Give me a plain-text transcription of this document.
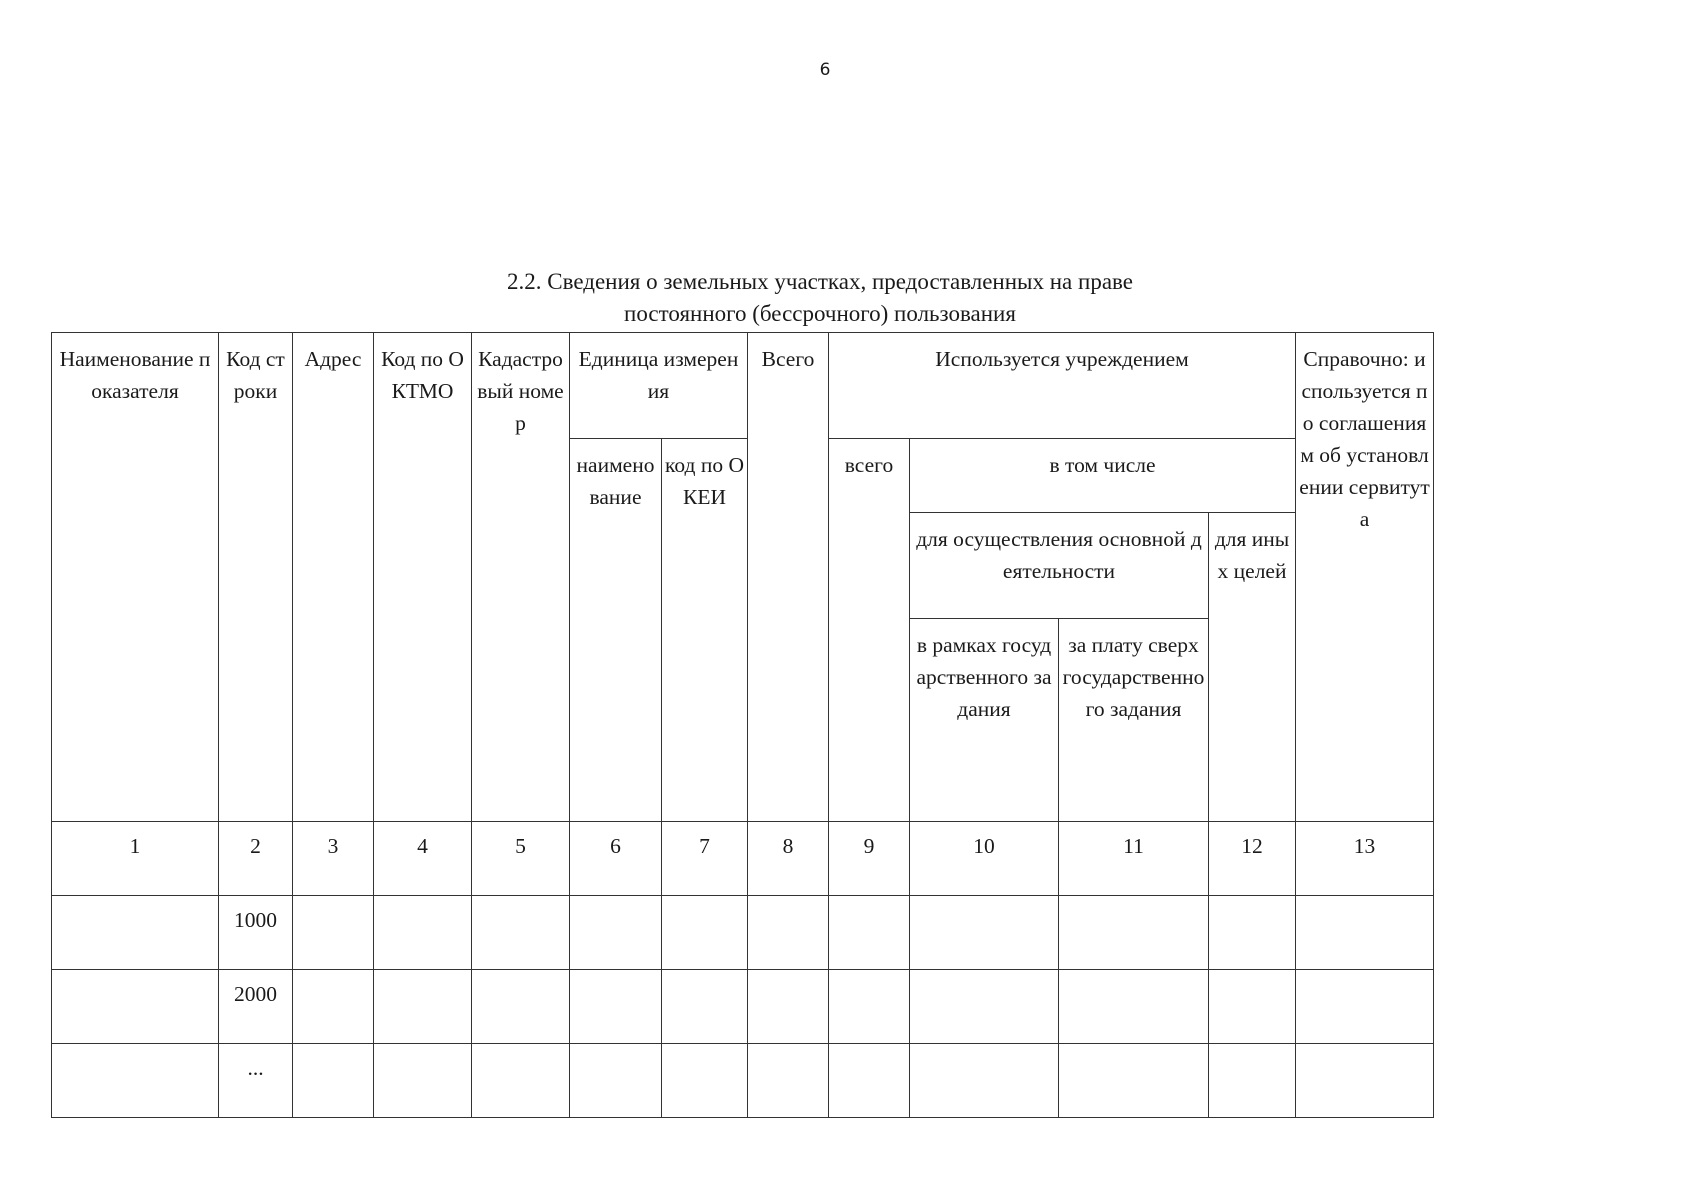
6
2.2. Сведения о земельных участках, предоставленных на праве
постоянного (бессрочного) пользования
Наименование показателя	Код строки	Адрес	Код по ОКТМО	Кадастровый номер	Единица измерения		Всего	Используется учреждением				Справочно: используется по соглашениям об установлении сервитута
					наименование	код по ОКЕИ		всего	в том числе			
									для осуществления основной деятельности		для иных целей	
									в рамках государственного задания	за плату сверх государственного задания		
1	2	3	4	5	6	7	8	9	10	11	12	13
	1000											
	2000											
	...											
